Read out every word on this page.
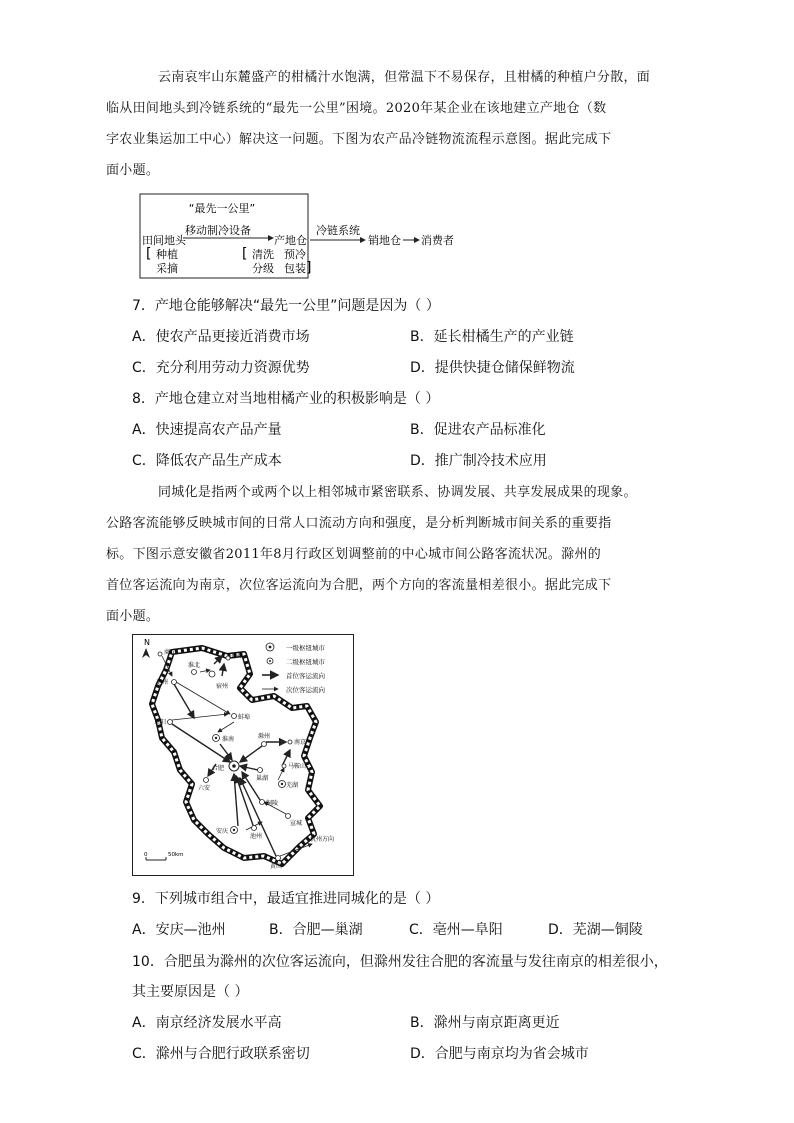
云南哀牢山东麓盛产的柑橘汁水饱满，但常温下不易保存，且柑橘的种植户分散，面
临从田间地头到冷链系统的“最先一公里”困境。2020年某企业在该地建立产地仓（数
字农业集运加工中心）解决这一问题。下图为农产品冷链物流流程示意图。据此完成下
面小题。
“最先一公里”
移动制冷设备
田间地头	产地仓
[ 种植
采摘
[ 清洗
分级
预冷
包装 ]
冷链系统
销地仓 消费者
7．产地仓能够解决“最先一公里”问题是因为（ ）
A．使农产品更接近消费市场	B．延长柑橘生产的产业链
C．充分利用劳动力资源优势	D．提供快捷仓储保鲜物流
8．产地仓建立对当地柑橘产业的积极影响是（ ）
A．快速提高农产品产量	B．促进农产品标准化
C．降低农产品生产成本	D．推广制冷技术应用
同城化是指两个或两个以上相邻城市紧密联系、协调发展、共享发展成果的现象。
公路客流能够反映城市间的日常人口流动方向和强度，是分析判断城市间关系的重要指
标。下图示意安徽省2011年8月行政区划调整前的中心城市间公路客流状况。滁州的
首位客运流向为南京，次位客运流向为合肥，两个方向的客流量相差很小。据此完成下
面小题。
N
一级枢纽城市
二级枢纽城市
首位客运流向
次位客运流向
商丘
淮北
徐州
宿州
亳州
阜阳
蚌埠
淮南	滁州
南京
合肥
六安
巢湖
马鞍山
芜湖
铜陵
宣城
安庆
池州
黄山
杭州方向
0	50km
9．下列城市组合中，最适宜推进同城化的是（ ）
A．安庆—池州	B．合肥—巢湖	C．亳州—阜阳	D．芜湖—铜陵
10．合肥虽为滁州的次位客运流向，但滁州发往合肥的客流量与发往南京的相差很小，
其主要原因是（ ）
A．南京经济发展水平高	B．滁州与南京距离更近
C．滁州与合肥行政联系密切	D．合肥与南京均为省会城市
